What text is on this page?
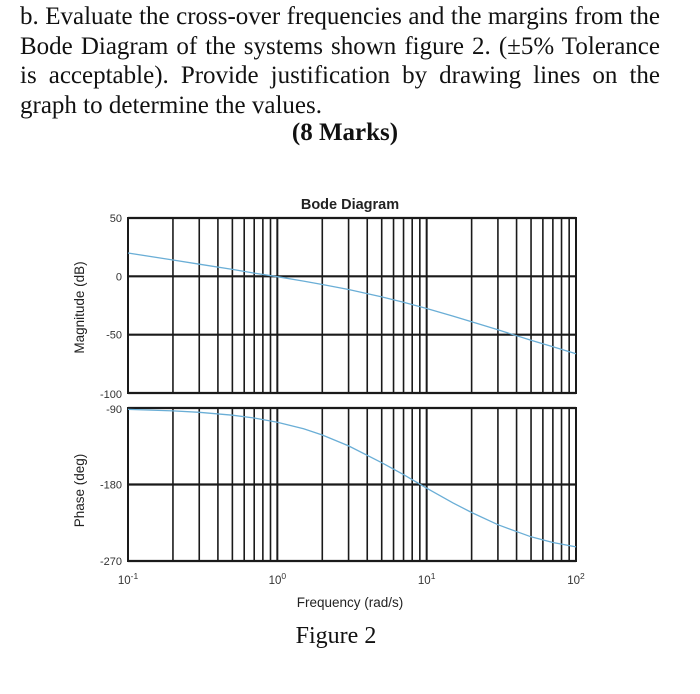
b. Evaluate the cross-over frequencies and the margins from the Bode Diagram of the systems shown figure 2. (±5% Tolerance is acceptable). Provide justification by drawing lines on the graph to determine the values.
(8 Marks)
Bode Diagram
50
0
-50
-100
-90
-180
-270
Magnitude (dB)
Phase (deg)
$10^{-1}$	$10^0$	$10^1$	$10^2$
Frequency (rad/s)
Figure 2
